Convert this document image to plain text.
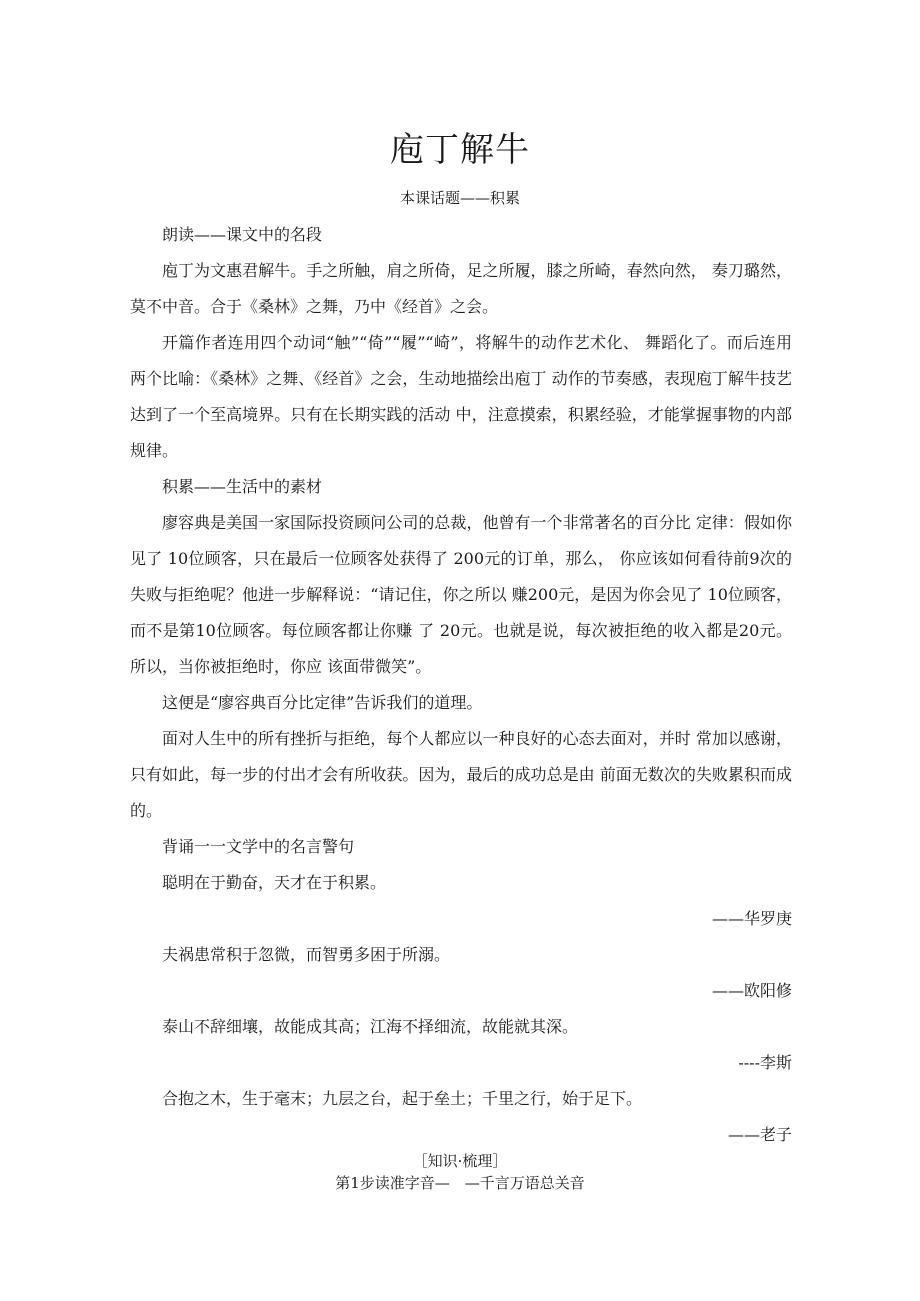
庖丁解牛
本课话题——积累

朗读——课文中的名段

庖丁为文惠君解牛。手之所触，肩之所倚，足之所履，膝之所崎，春然向然， 奏刀璐然，莫不中音。合于《桑林》之舞，乃中《经首》之会。

开篇作者连用四个动词“触”“倚”“履”“崎”，将解牛的动作艺术化、 舞蹈化了。而后连用两个比喻：《桑林》之舞、《经首》之会，生动地描绘出庖丁 动作的节奏感，表现庖丁解牛技艺达到了一个至高境界。只有在长期实践的活动 中，注意摸索，积累经验，才能掌握事物的内部规律。

积累——生活中的素材

廖容典是美国一家国际投资顾问公司的总裁，他曾有一个非常著名的百分比 定律：假如你见了 10位顾客，只在最后一位顾客处获得了 200元的订单，那么， 你应该如何看待前9次的失败与拒绝呢？他进一步解释说：“请记住，你之所以 赚200元，是因为你会见了 10位顾客，而不是第10位顾客。每位顾客都让你赚 了 20元。也就是说，每次被拒绝的收入都是20元。所以，当你被拒绝时，你应 该面带微笑”。

这便是“廖容典百分比定律”告诉我们的道理。

面对人生中的所有挫折与拒绝，每个人都应以一种良好的心态去面对，并时 常加以感谢，只有如此，每一步的付出才会有所收获。因为，最后的成功总是由 前面无数次的失败累积而成的。

背诵一一文学中的名言警句

聪明在于勤奋，天才在于积累。

——华罗庚

夫祸患常积于忽微，而智勇多困于所溺。

——欧阳修

泰山不辞细壤，故能成其高；江海不择细流，故能就其深。

----李斯

合抱之木，生于毫末；九层之台，起于垒土；千里之行，始于足下。

——老子

［知识·梳理］
第1步读准字音—　—千言万语总关音
